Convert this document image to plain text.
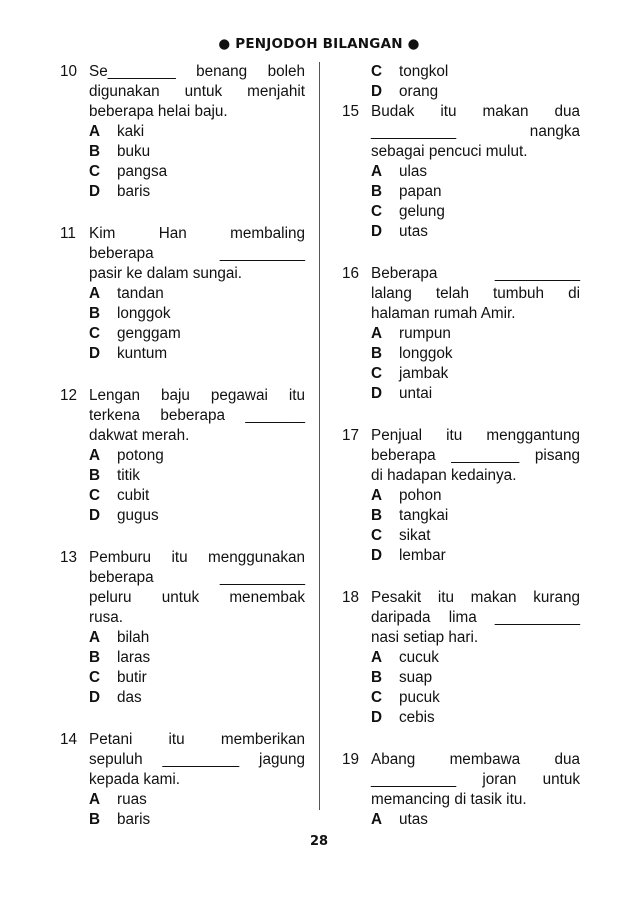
● PENJODOH BILANGAN ●
10 Se________ benang boleh
digunakan untuk menjahit
beberapa helai baju.
A	kaki
B	buku
C	pangsa
D	baris
11 Kim Han membaling
beberapa __________
pasir ke dalam sungai.
A	tandan
B	longgok
C	genggam
D	kuntum
12 Lengan baju pegawai itu
terkena beberapa _______
dakwat merah.
A	potong
B	titik
C	cubit
D	gugus
13 Pemburu itu menggunakan
beberapa __________
peluru untuk menembak
rusa.
A	bilah
B	laras
C	butir
D	das
14 Petani itu memberikan
sepuluh _________ jagung
kepada kami.
A	ruas
B	baris
C	tongkol
D	orang
15 Budak itu makan dua
__________ nangka
sebagai pencuci mulut.
A	ulas
B	papan
C	gelung
D	utas
16 Beberapa __________
lalang telah tumbuh di
halaman rumah Amir.
A	rumpun
B	longgok
C	jambak
D	untai
17 Penjual itu menggantung
beberapa ________ pisang
di hadapan kedainya.
A	pohon
B	tangkai
C	sikat
D	lembar
18 Pesakit itu makan kurang
daripada lima __________
nasi setiap hari.
A	cucuk
B	suap
C	pucuk
D	cebis
19 Abang membawa dua
__________ joran untuk
memancing di tasik itu.
A	utas
28
